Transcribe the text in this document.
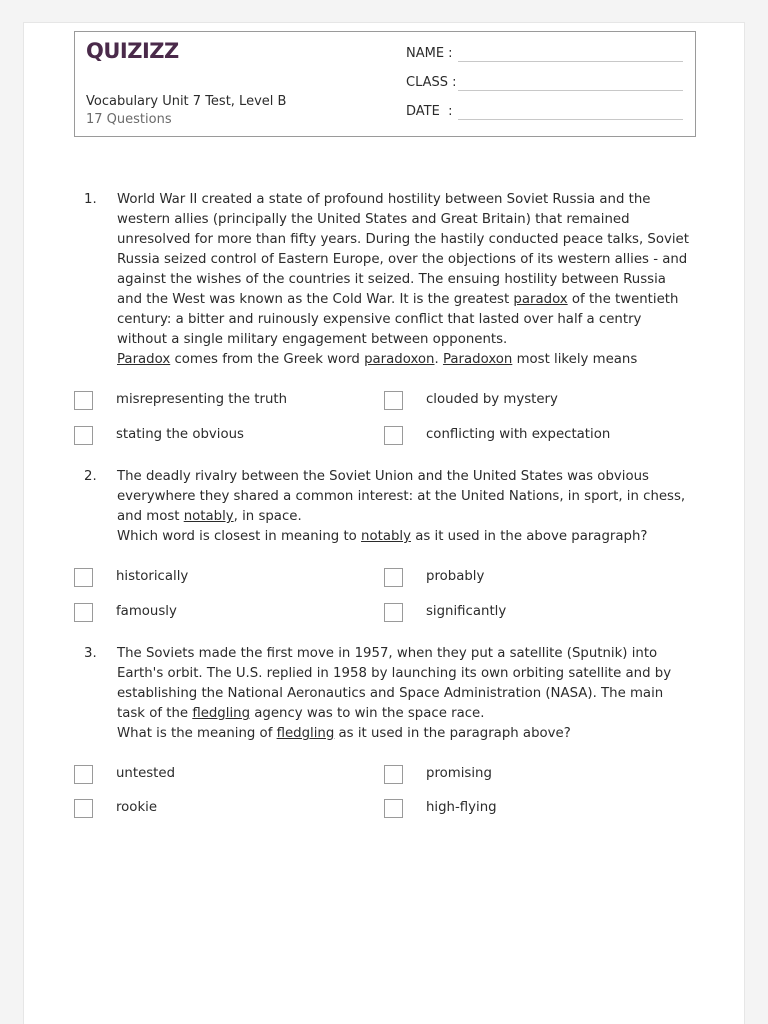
QUIZIZZ
Vocabulary Unit 7 Test, Level B
17 Questions
NAME :
CLASS :
DATE  :
1. World War II created a state of profound hostility between Soviet Russia and the western allies (principally the United States and Great Britain) that remained unresolved for more than fifty years. During the hastily conducted peace talks, Soviet Russia seized control of Eastern Europe, over the objections of its western allies - and against the wishes of the countries it seized. The ensuing hostility between Russia and the West was known as the Cold War. It is the greatest paradox of the twentieth century: a bitter and ruinously expensive conflict that lasted over half a centry without a single military engagement between opponents.

Paradox comes from the Greek word paradoxon. Paradoxon most likely means

misrepresenting the truth	clouded by mystery
stating the obvious	conflicting with expectation
2. The deadly rivalry between the Soviet Union and the United States was obvious everywhere they shared a common interest: at the United Nations, in sport, in chess, and most notably, in space.

Which word is closest in meaning to notably as it used in the above paragraph?

historically	probably
famously	significantly
3. The Soviets made the first move in 1957, when they put a satellite (Sputnik) into Earth's orbit. The U.S. replied in 1958 by launching its own orbiting satellite and by establishing the National Aeronautics and Space Administration (NASA). The main task of the fledgling agency was to win the space race.

What is the meaning of fledgling as it used in the paragraph above?

untested	promising
rookie	high-flying
